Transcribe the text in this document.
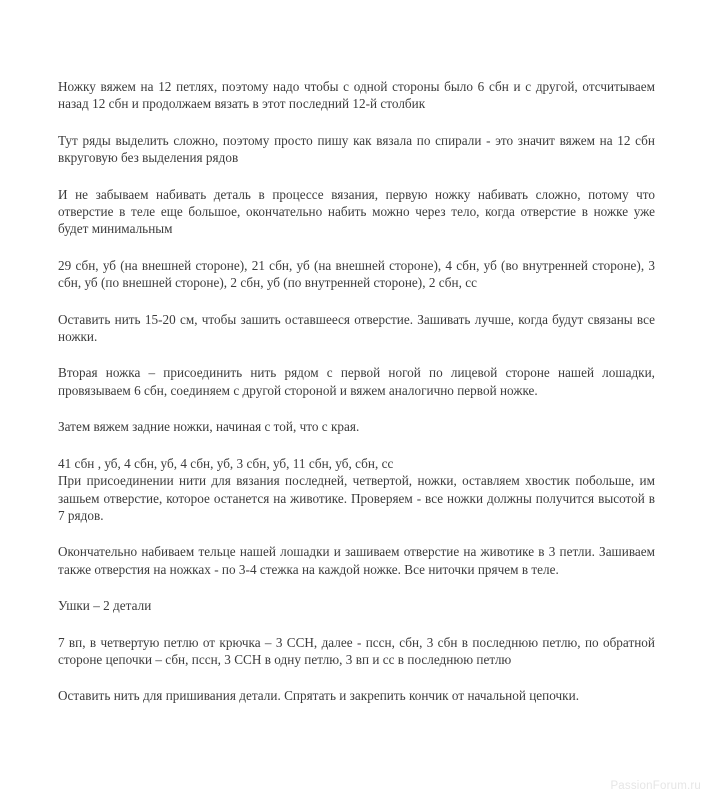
Ножку вяжем на 12 петлях, поэтому надо чтобы с одной стороны было 6 сбн и с другой, отсчитываем назад 12 сбн и продолжаем вязать в этот последний 12-й столбик

Тут ряды выделить сложно, поэтому просто пишу как вязала по спирали - это значит вяжем на 12 сбн вкруговую без выделения рядов

И не забываем набивать деталь в процессе вязания, первую ножку набивать сложно, потому что отверстие в теле еще большое, окончательно набить можно через тело, когда отверстие в ножке уже будет минимальным

29 сбн, уб (на внешней стороне), 21 сбн, уб (на внешней стороне), 4 сбн, уб (во внутренней стороне), 3 сбн, уб (по внешней стороне), 2 сбн, уб (по внутренней стороне), 2 сбн, сс

Оставить нить 15-20 см, чтобы зашить оставшееся отверстие. Зашивать лучше, когда будут связаны все ножки.

Вторая ножка – присоединить нить рядом с первой ногой по лицевой стороне нашей лошадки, провязываем 6 сбн, соединяем с другой стороной и вяжем аналогично первой ножке.

Затем вяжем задние ножки, начиная с той, что с края.

41 сбн , уб, 4 сбн, уб, 4 сбн, уб, 3 сбн, уб, 11 сбн, уб, сбн, сс

При присоединении нити для вязания последней, четвертой, ножки, оставляем хвостик побольше, им зашьем отверстие, которое останется на животике. Проверяем - все ножки должны получится высотой в 7 рядов.

Окончательно набиваем тельце нашей лошадки и зашиваем отверстие на животике в 3 петли. Зашиваем также отверстия на ножках - по 3-4 стежка на каждой ножке. Все ниточки прячем в теле.

Ушки – 2 детали

7 вп, в четвертую петлю от крючка – 3 ССН, далее - псcн, сбн, 3 сбн в последнюю петлю, по обратной стороне цепочки – сбн, псcн, 3 ССН в одну петлю, 3 вп и сс в последнюю петлю

Оставить нить для пришивания детали. Спрятать и закрепить кончик от начальной цепочки.

PassionForum.ru
